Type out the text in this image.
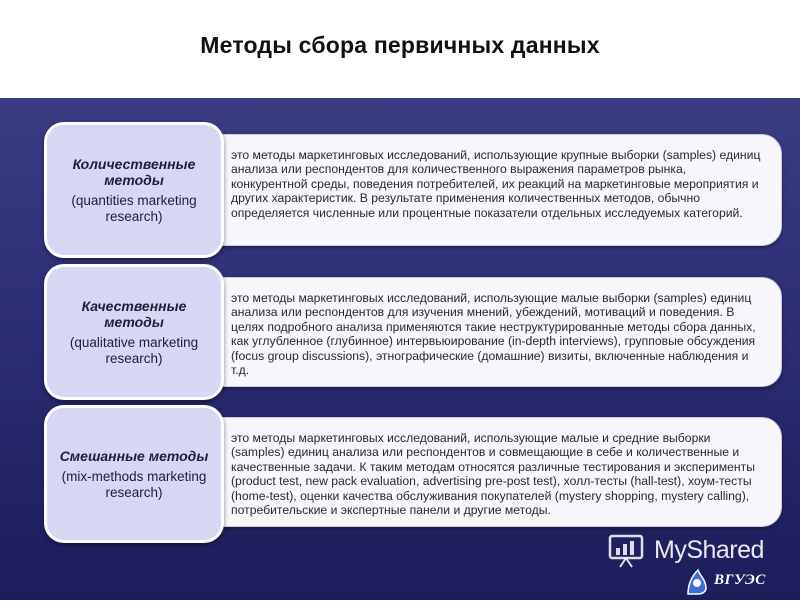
Методы сбора первичных данных
это методы маркетинговых исследований, использующие крупные выборки (samples) единиц анализа или респондентов для количественного выражения параметров рынка, конкурентной среды, поведения потребителей, их реакций на маркетинговые мероприятия и других характеристик. В результате применения количественных методов, обычно определяется численные или процентные показатели отдельных исследуемых категорий.
Количественные методы
(quantities marketing research)
это методы маркетинговых исследований, использующие малые выборки (samples) единиц анализа или респондентов для изучения мнений, убеждений, мотиваций и поведения. В целях подробного анализа применяются такие неструктурированные методы сбора данных, как углубленное (глубинное) интервьюирование (in-depth interviews), групповые обсуждения (focus group discussions), этнографические (домашние) визиты, включенные наблюдения и т.д.
Качественные методы
(qualitative marketing research)
это методы маркетинговых исследований, использующие малые и средние выборки (samples) единиц анализа или респондентов и совмещающие в себе и количественные и качественные задачи. К таким методам относятся различные тестирования и эксперименты (product test, new pack evaluation, advertising pre-post test), холл-тесты (hall-test), хоум-тесты (home-test), оценки качества обслуживания покупателей (mystery shopping, mystery calling), потребительские и экспертные панели и другие методы.
Смешанные методы
(mix-methods marketing research)
MyShared
ВГУЭС
